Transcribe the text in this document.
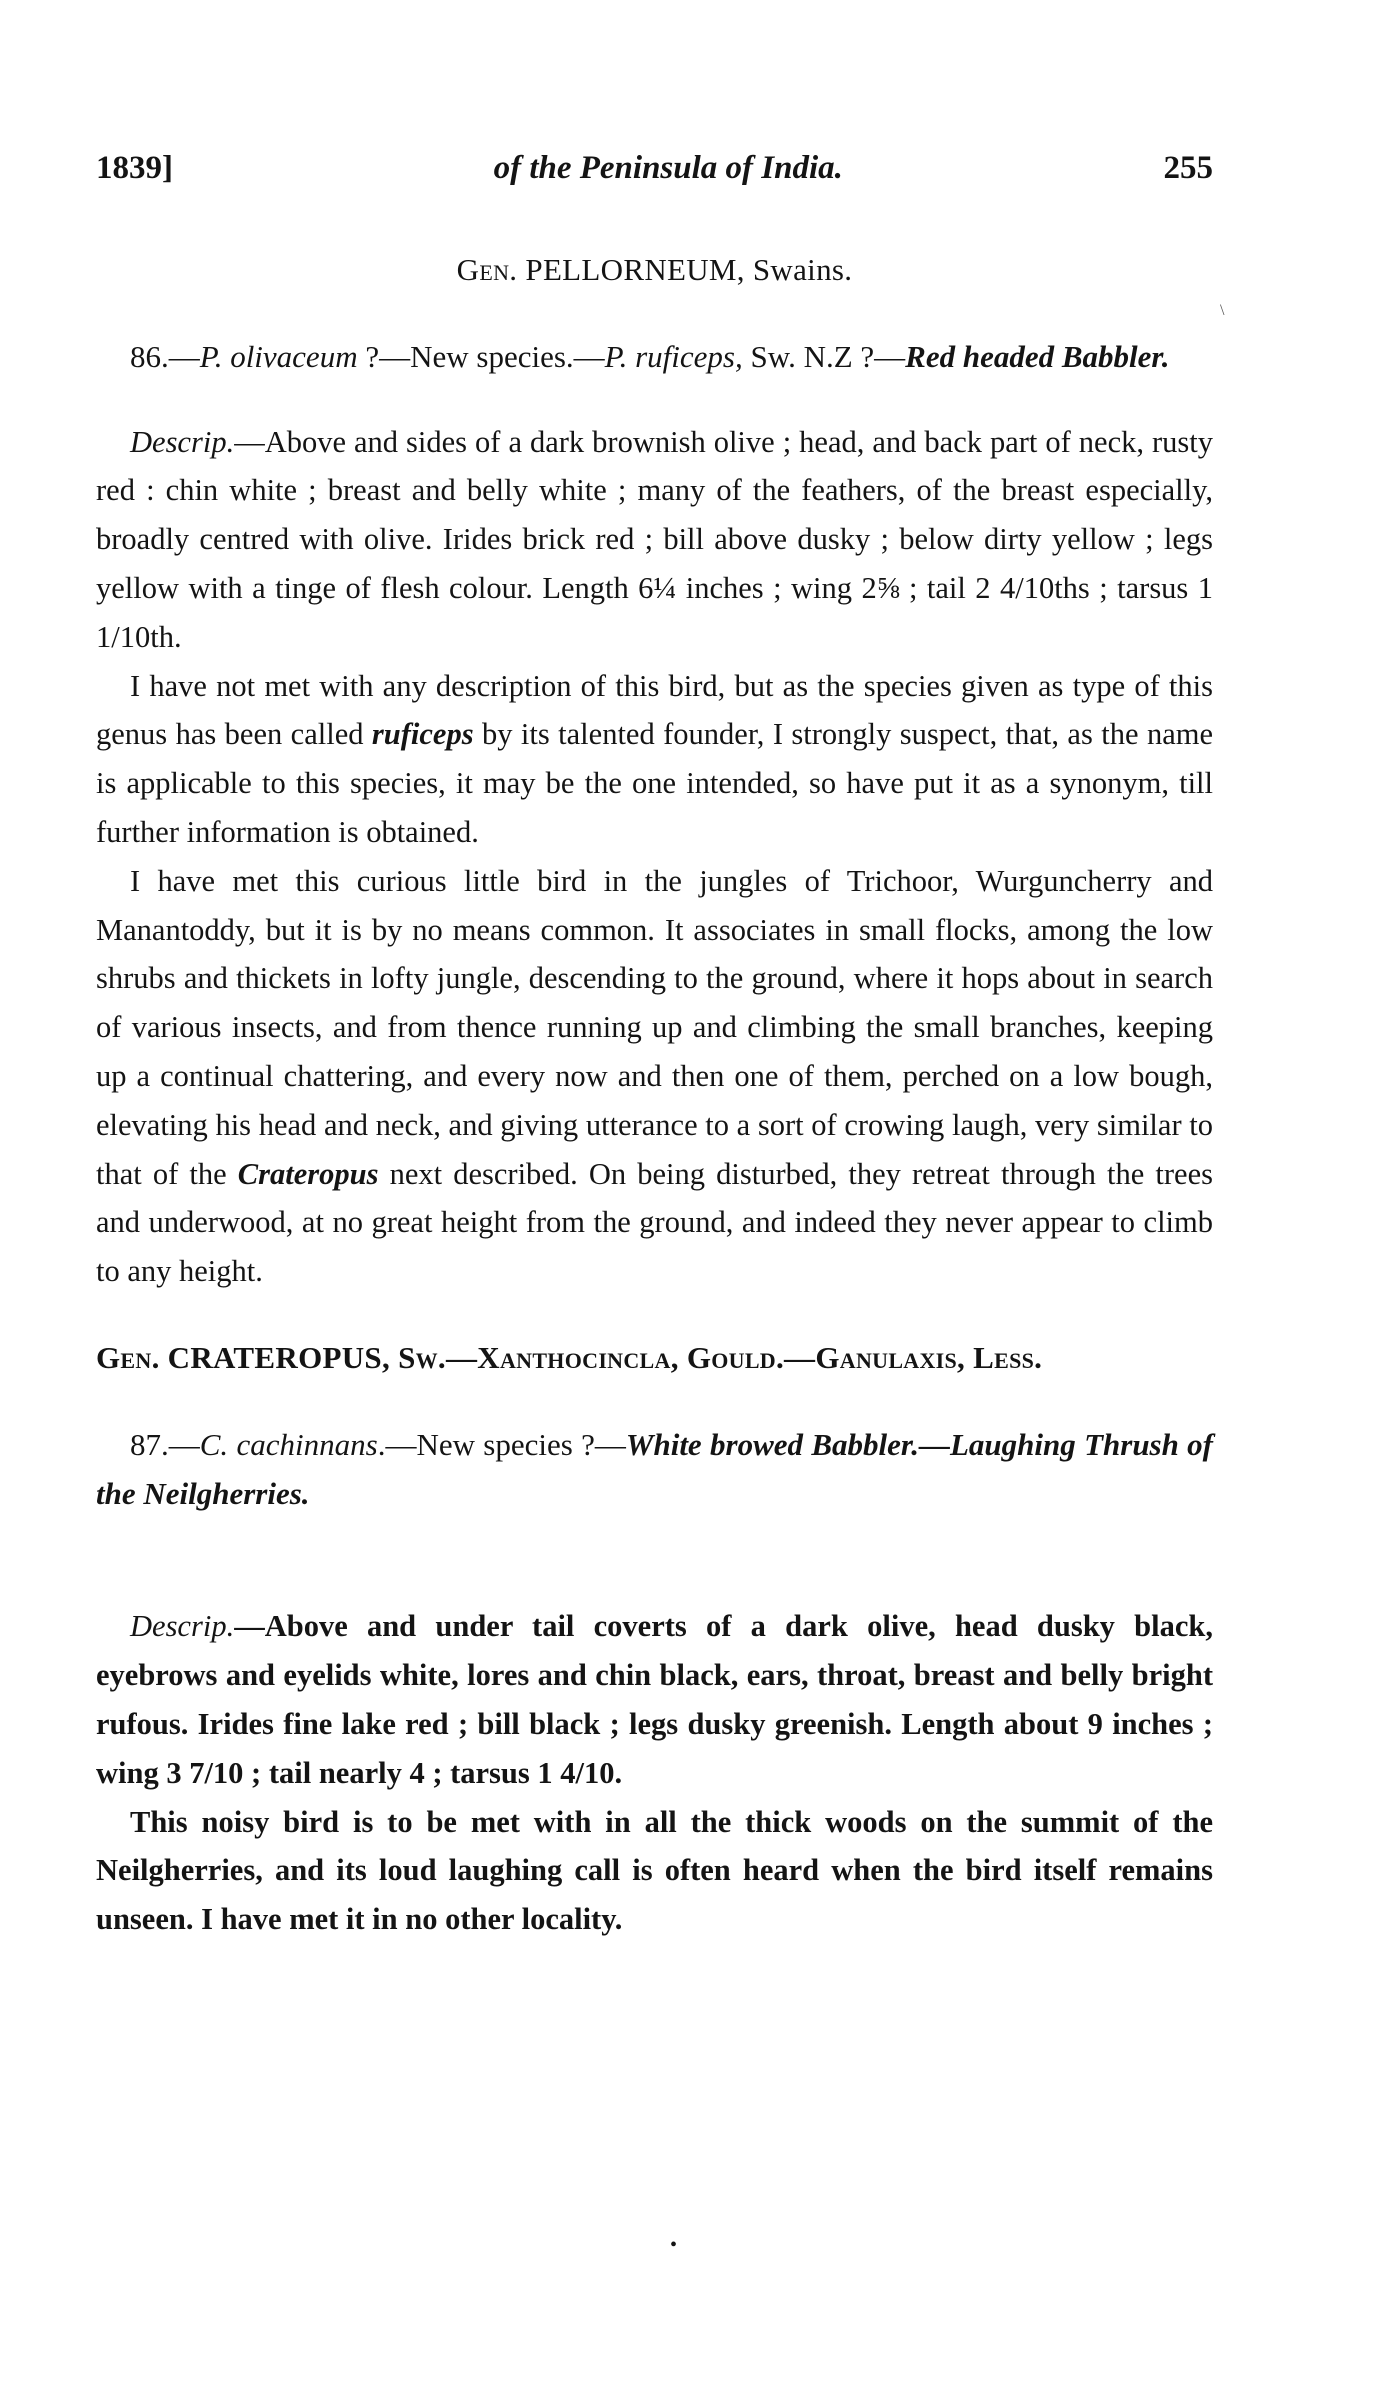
1839]	of the Peninsula of India.	255
\
Gen. PELLORNEUM, Swains.

86.—P. olivaceum ?—New species.—P. ruficeps, Sw. N.Z ?—Red headed Babbler.

Descrip.—Above and sides of a dark brownish olive ; head, and back part of neck, rusty red : chin white ; breast and belly white ; many of the feathers, of the breast especially, broadly centred with olive. Irides brick red ; bill above dusky ; below dirty yellow ; legs yellow with a tinge of flesh colour. Length 6¼ inches ; wing 2⅝ ; tail 2 4/10ths ; tarsus 1 1/10th.

I have not met with any description of this bird, but as the species given as type of this genus has been called ruficeps by its talented founder, I strongly suspect, that, as the name is applicable to this species, it may be the one intended, so have put it as a synonym, till further information is obtained.

I have met this curious little bird in the jungles of Trichoor, Wurguncherry and Manantoddy, but it is by no means common. It associates in small flocks, among the low shrubs and thickets in lofty jungle, descending to the ground, where it hops about in search of various insects, and from thence running up and climbing the small branches, keeping up a continual chattering, and every now and then one of them, perched on a low bough, elevating his head and neck, and giving utterance to a sort of crowing laugh, very similar to that of the Crateropus next described. On being disturbed, they retreat through the trees and underwood, at no great height from the ground, and indeed they never appear to climb to any height.

Gen. CRATEROPUS, Sw.—Xanthocincla, Gould.—Ganulaxis, Less.

87.—C. cachinnans.—New species ?—White browed Babbler.—Laughing Thrush of the Neilgherries.

Descrip.—Above and under tail coverts of a dark olive, head dusky black, eyebrows and eyelids white, lores and chin black, ears, throat, breast and belly bright rufous. Irides fine lake red ; bill black ; legs dusky greenish. Length about 9 inches ; wing 3 7/10 ; tail nearly 4 ; tarsus 1 4/10.

This noisy bird is to be met with in all the thick woods on the summit of the Neilgherries, and its loud laughing call is often heard when the bird itself remains unseen. I have met it in no other locality.

•
